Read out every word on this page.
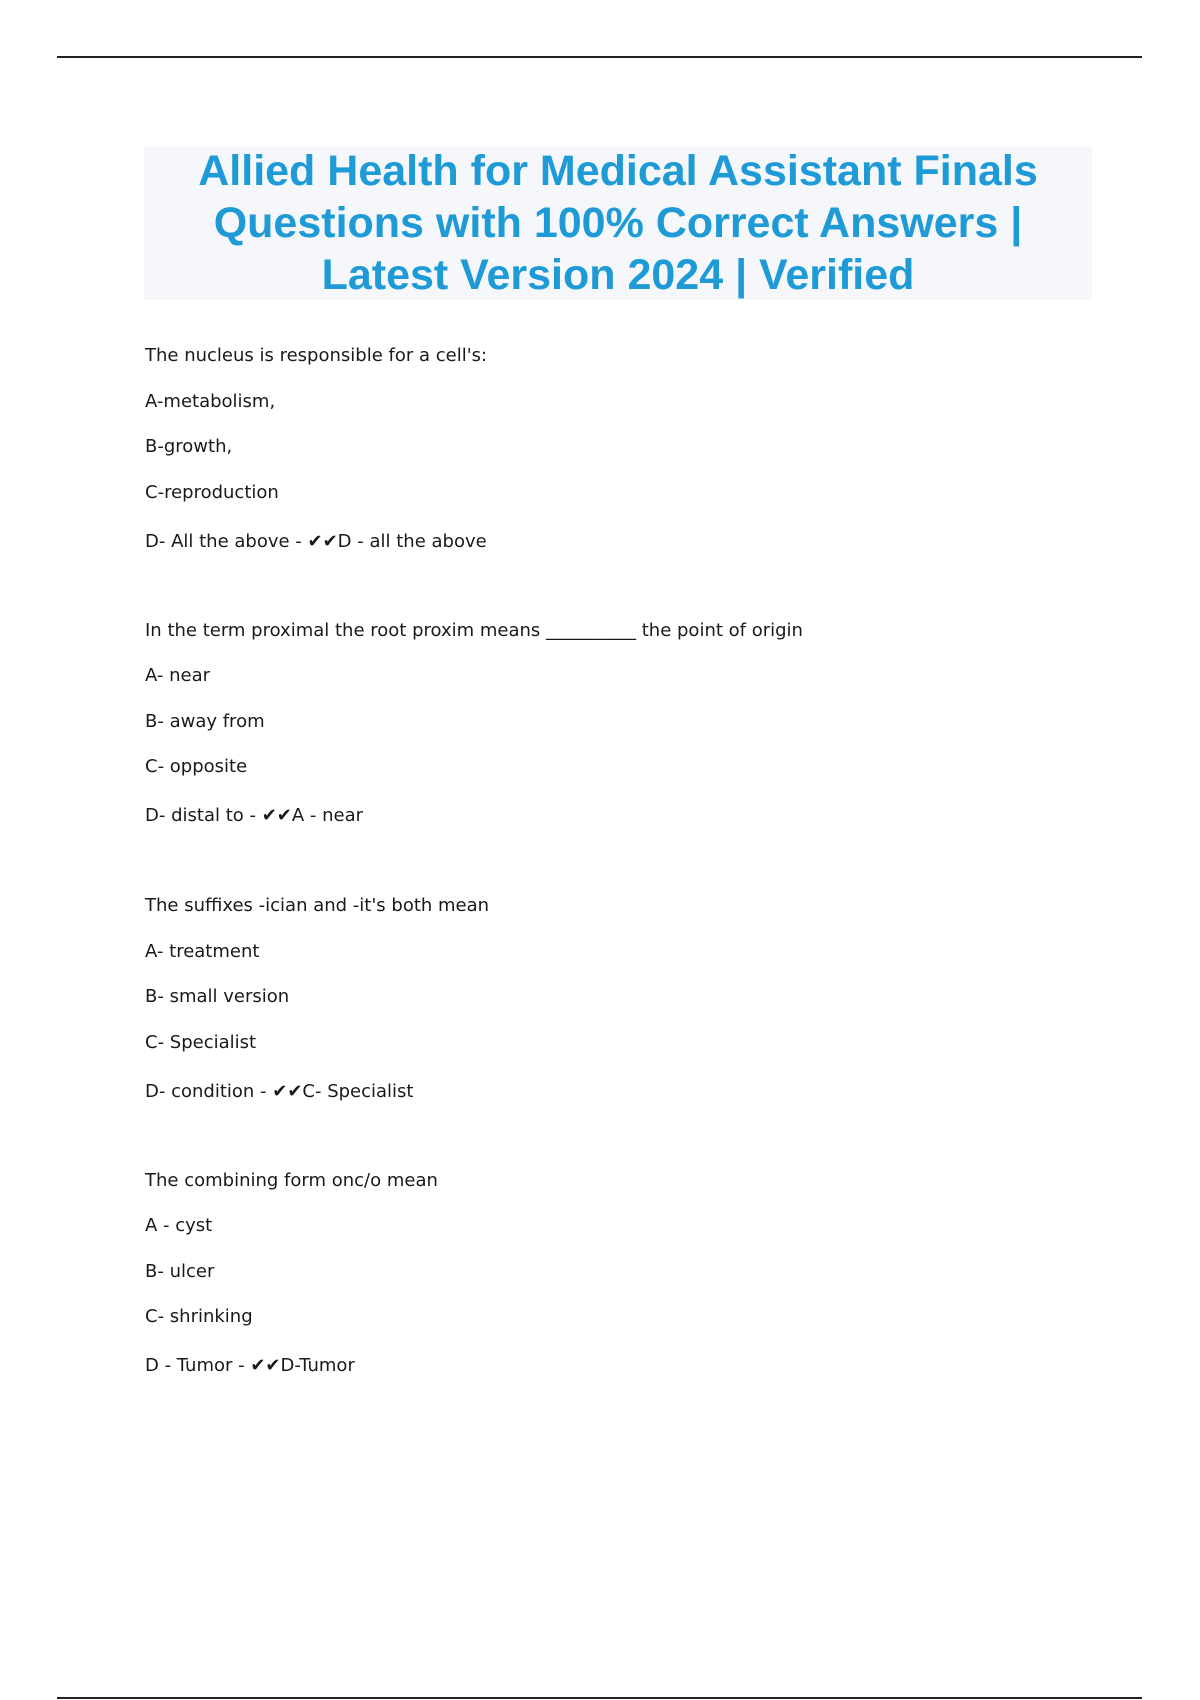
Allied Health for Medical Assistant Finals Questions with 100% Correct Answers | Latest Version 2024 | Verified
The nucleus is responsible for a cell's:
A-metabolism,
B-growth,
C-reproduction
D- All the above - ✔✔D - all the above
In the term proximal the root proxim means __________ the point of origin
A- near
B- away from
C- opposite
D- distal to - ✔✔A - near
The suffixes -ician and -it's both mean
A- treatment
B- small version
C- Specialist
D- condition - ✔✔C- Specialist
The combining form onc/o mean
A - cyst
B- ulcer
C- shrinking
D - Tumor - ✔✔D-Tumor
